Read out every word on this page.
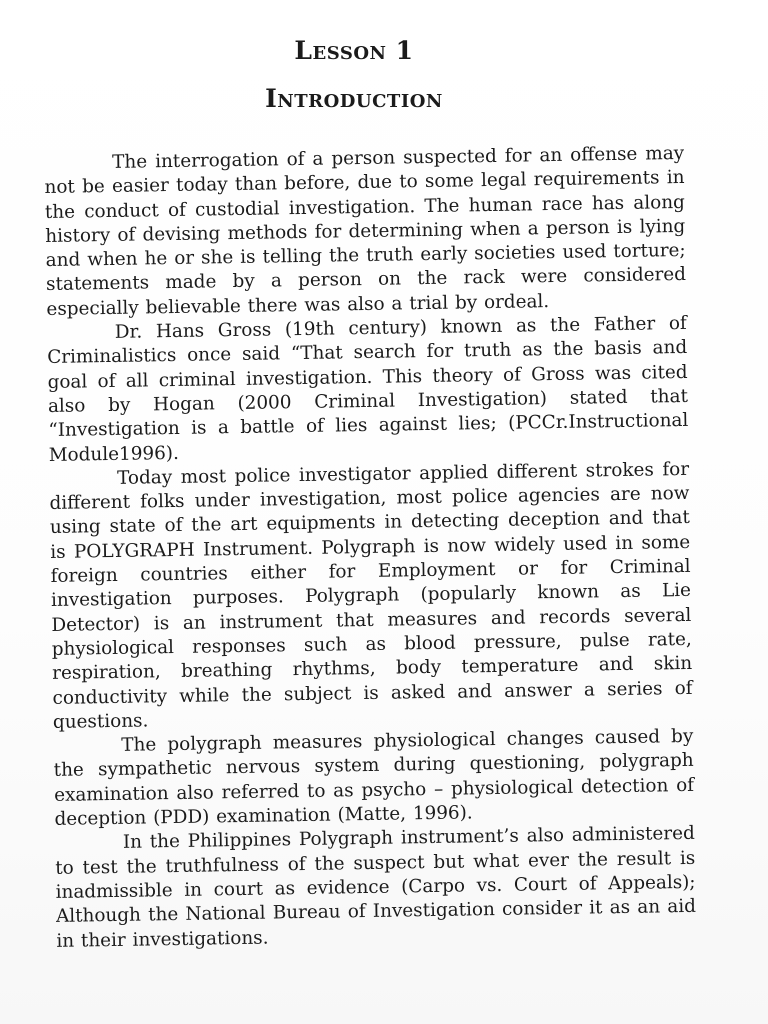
Lesson 1
Introduction

The interrogation of a person suspected for an offense may not be easier today than before, due to some legal requirements in the conduct of custodial investigation. The human race has along history of devising methods for determining when a person is lying and when he or she is telling the truth early societies used torture; statements made by a person on the rack were considered especially believable there was also a trial by ordeal.

Dr. Hans Gross (19th century) known as the Father of Criminalistics once said “That search for truth as the basis and goal of all criminal investigation. This theory of Gross was cited also by Hogan (2000 Criminal Investigation) stated that “Investigation is a battle of lies against lies; (PCCr.Instructional Module1996).

Today most police investigator applied different strokes for different folks under investigation, most police agencies are now using state of the art equipments in detecting deception and that is POLYGRAPH Instrument. Polygraph is now widely used in some foreign countries either for Employment or for Criminal investigation purposes. Polygraph (popularly known as Lie Detector) is an instrument that measures and records several physiological responses such as blood pressure, pulse rate, respiration, breathing rhythms, body temperature and skin conductivity while the subject is asked and answer a series of questions.

The polygraph measures physiological changes caused by the sympathetic nervous system during questioning, polygraph examination also referred to as psycho – physiological detection of deception (PDD) examination (Matte, 1996).

In the Philippines Polygraph instrument’s also administered to test the truthfulness of the suspect but what ever the result is inadmissible in court as evidence (Carpo vs. Court of Appeals); Although the National Bureau of Investigation consider it as an aid in their investigations.
